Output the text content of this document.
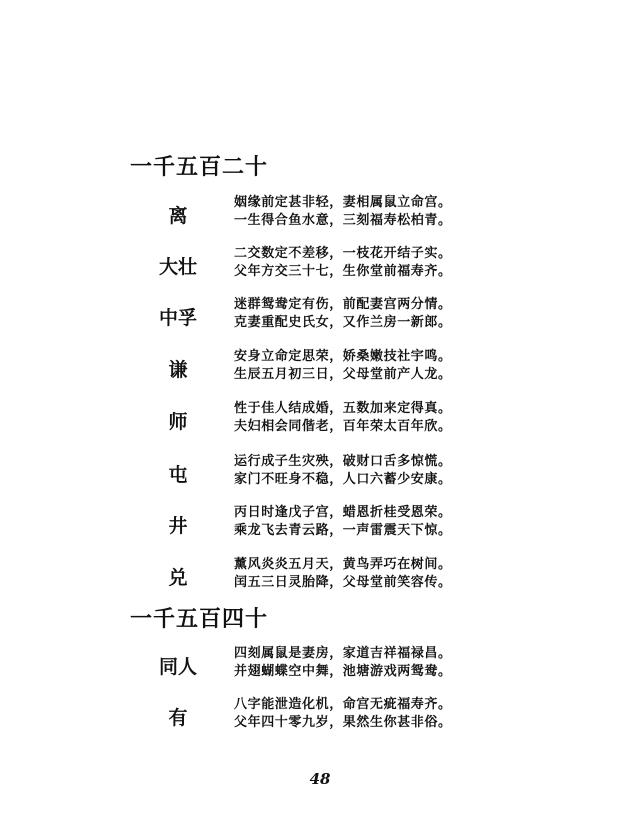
一千五百二十
离
姻缘前定甚非轻，妻相属鼠立命宫。
一生得合鱼水意，三刻福寿松柏青。
大壮
二交数定不差移，一枝花开结子实。
父年方交三十七，生你堂前福寿齐。
中孚
迷群鸳鸯定有伤，前配妻宫两分情。
克妻重配史氏女，又作兰房一新郎。
谦
安身立命定思荣，娇桑嫩技社宇鸣。
生辰五月初三日，父母堂前产人龙。
师
性于佳人结成婚，五数加来定得真。
夫妇相会同偕老，百年荣太百年欣。
屯
运行成子生灾殃，破财口舌多惊慌。
家门不旺身不稳，人口六蓄少安康。
井
丙日时逢戊子宫，蜡恩折桂受恩荣。
乘龙飞去青云路，一声雷震天下惊。
兑
薰风炎炎五月天，黄鸟弄巧在树间。
闰五三日灵胎降，父母堂前笑容传。
一千五百四十
同人
四刻属鼠是妻房，家道吉祥福禄昌。
并翅蝴蝶空中舞，池塘游戏两鸳鸯。
有
八字能泄造化机，命宫无疵福寿齐。
父年四十零九岁，果然生你甚非俗。
48
